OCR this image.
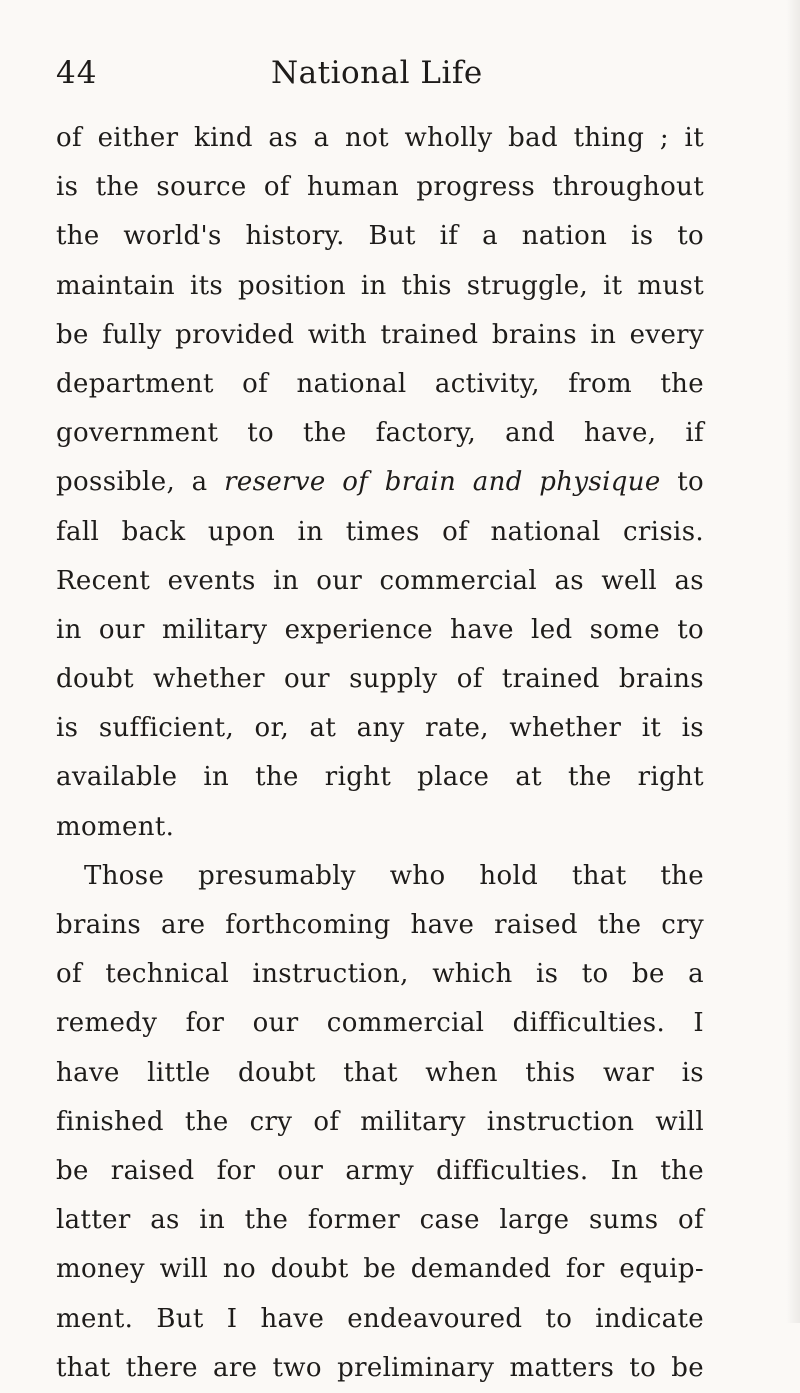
44	National Life
of either kind as a not wholly bad thing ; it
is the source of human progress throughout
the world's history. But if a nation is to
maintain its position in this struggle, it must
be fully provided with trained brains in every
department of national activity, from the
government to the factory, and have, if
possible, a reserve of brain and physique to
fall back upon in times of national crisis.
Recent events in our commercial as well as
in our military experience have led some to
doubt whether our supply of trained brains
is sufficient, or, at any rate, whether it is
available in the right place at the right
moment.
Those presumably who hold that the
brains are forthcoming have raised the cry
of technical instruction, which is to be a
remedy for our commercial difficulties. I
have little doubt that when this war is
finished the cry of military instruction will
be raised for our army difficulties. In the
latter as in the former case large sums of
money will no doubt be demanded for equip-
ment. But I have endeavoured to indicate
that there are two preliminary matters to be
